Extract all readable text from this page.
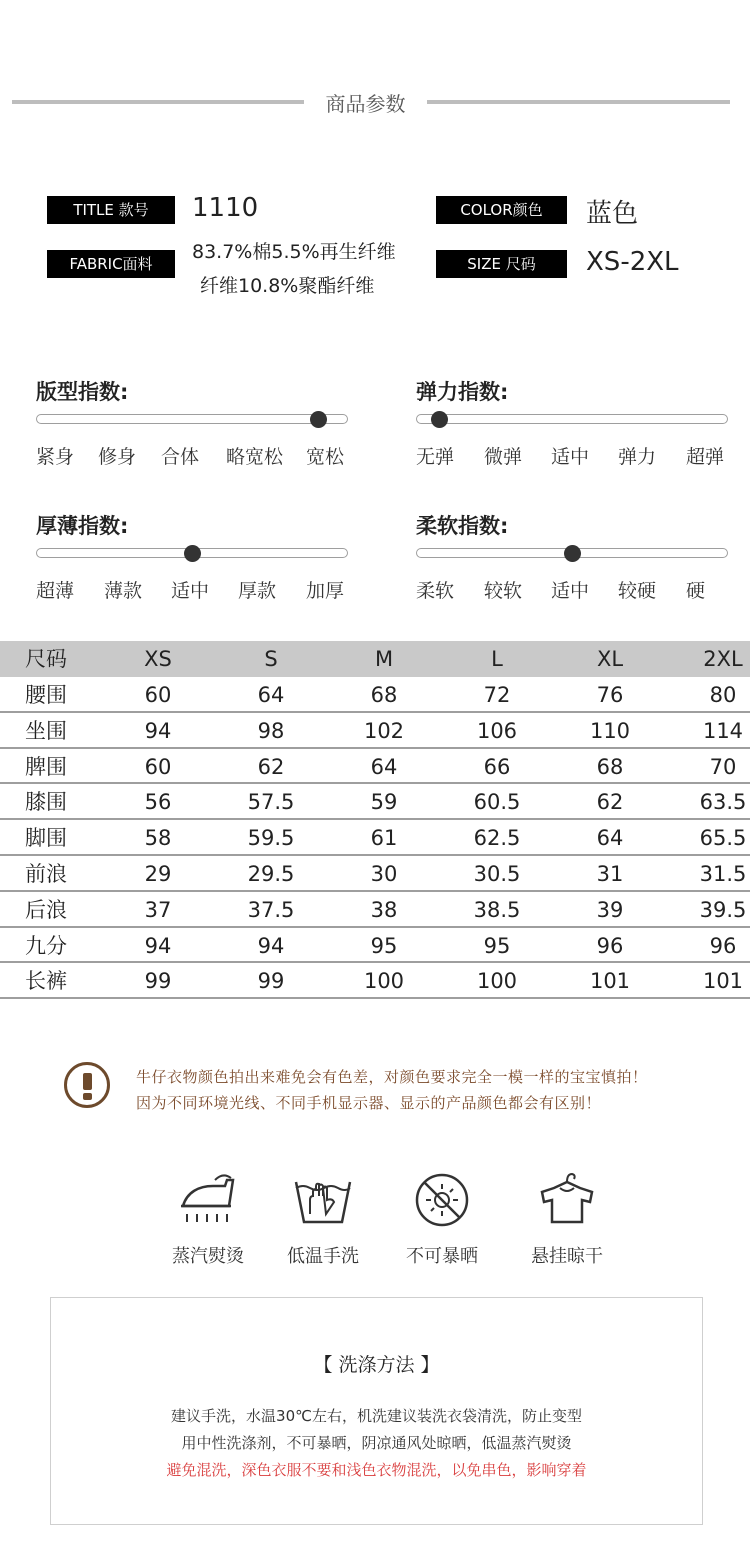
商品参数
TITLE 款号	1110	COLOR颜色	蓝色
FABRIC面料
83.7%棉5.5%再生纤维
纤维10.8%聚酯纤维
SIZE 尺码	XS-2XL
版型指数:
紧身 修身 合体 略宽松 宽松
弹力指数:
无弹 微弹 适中 弹力 超弹
厚薄指数:
超薄 薄款 适中 厚款 加厚
柔软指数:
柔软 较软 适中 较硬 硬
尺码	XS	S	M	L	XL	2XL
腰围	60	64	68	72	76	80
坐围	94	98	102	106	110	114
脾围	60	62	64	66	68	70
膝围	56	57.5	59	60.5	62	63.5
脚围	58	59.5	61	62.5	64	65.5
前浪	29	29.5	30	30.5	31	31.5
后浪	37	37.5	38	38.5	39	39.5
九分	94	94	95	95	96	96
长裤	99	99	100	100	101	101
牛仔衣物颜色拍出来难免会有色差，对颜色要求完全一模一样的宝宝慎拍！
因为不同环境光线、不同手机显示器、显示的产品颜色都会有区别！
蒸汽熨烫	低温手洗	不可暴晒	悬挂晾干
【 洗涤方法 】
建议手洗，水温30℃左右，机洗建议装洗衣袋清洗，防止变型
用中性洗涤剂，不可暴晒，阴凉通风处晾晒，低温蒸汽熨烫
避免混洗，深色衣服不要和浅色衣物混洗，以免串色，影响穿着
